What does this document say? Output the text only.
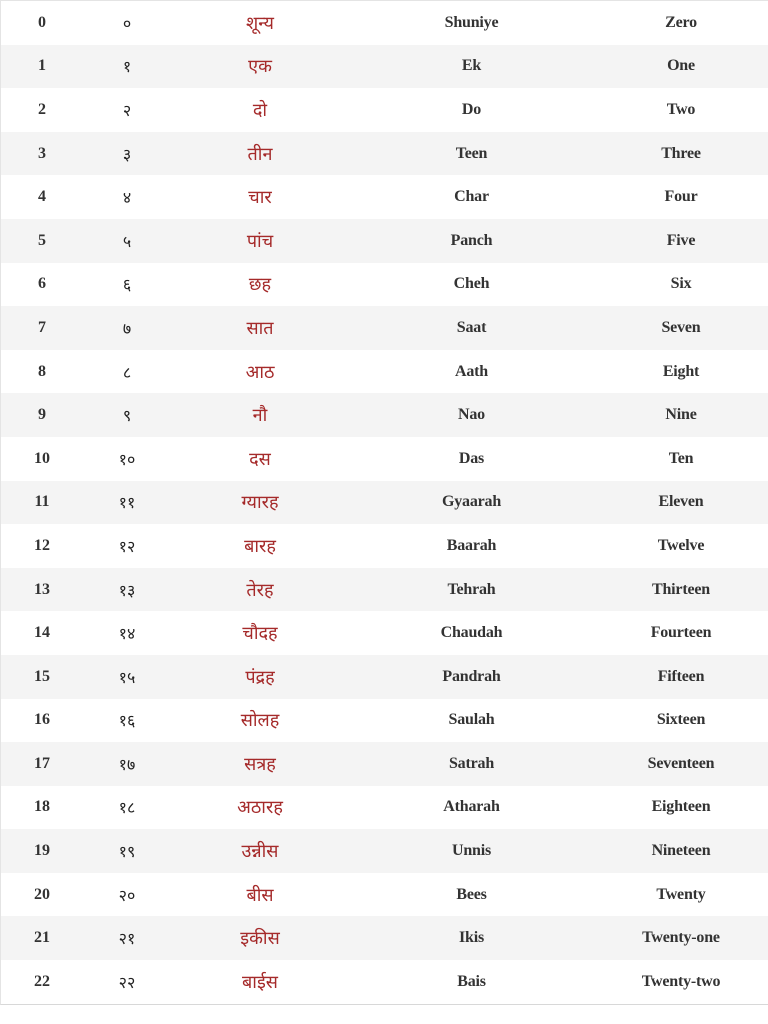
0	०	शून्य	Shuniye	Zero
1	१	एक	Ek	One
2	२	दो	Do	Two
3	३	तीन	Teen	Three
4	४	चार	Char	Four
5	५	पांच	Panch	Five
6	६	छह	Cheh	Six
7	७	सात	Saat	Seven
8	८	आठ	Aath	Eight
9	९	नौ	Nao	Nine
10	१०	दस	Das	Ten
11	११	ग्यारह	Gyaarah	Eleven
12	१२	बारह	Baarah	Twelve
13	१३	तेरह	Tehrah	Thirteen
14	१४	चौदह	Chaudah	Fourteen
15	१५	पंद्रह	Pandrah	Fifteen
16	१६	सोलह	Saulah	Sixteen
17	१७	सत्रह	Satrah	Seventeen
18	१८	अठारह	Atharah	Eighteen
19	१९	उन्नीस	Unnis	Nineteen
20	२०	बीस	Bees	Twenty
21	२१	इकीस	Ikis	Twenty-one
22	२२	बाईस	Bais	Twenty-two
